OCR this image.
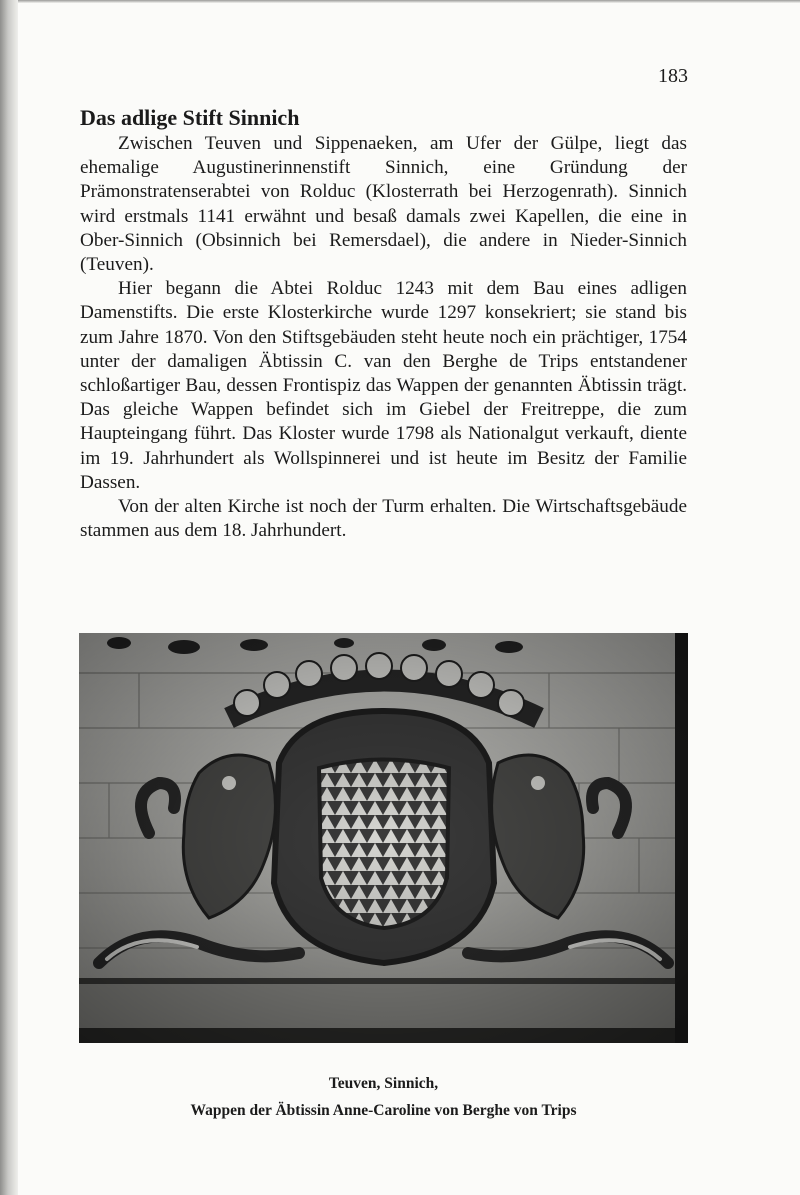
183
Das adlige Stift Sinnich

Zwischen Teuven und Sippenaeken, am Ufer der Gülpe, liegt das ehemalige Augustinerinnenstift Sinnich, eine Gründung der Prämonstratenserabtei von Rolduc (Klosterrath bei Herzogenrath). Sinnich wird erstmals 1141 erwähnt und besaß damals zwei Kapellen, die eine in Ober-Sinnich (Obsinnich bei Remersdael), die andere in Nieder-Sinnich (Teuven).

Hier begann die Abtei Rolduc 1243 mit dem Bau eines adligen Damenstifts. Die erste Klosterkirche wurde 1297 konsekriert; sie stand bis zum Jahre 1870. Von den Stiftsgebäuden steht heute noch ein prächtiger, 1754 unter der damaligen Äbtissin C. van den Berghe de Trips entstandener schloßartiger Bau, dessen Frontispiz das Wappen der genannten Äbtissin trägt. Das gleiche Wappen befindet sich im Giebel der Freitreppe, die zum Haupteingang führt. Das Kloster wurde 1798 als Nationalgut verkauft, diente im 19. Jahrhundert als Wollspinnerei und ist heute im Besitz der Familie Dassen.

Von der alten Kirche ist noch der Turm erhalten. Die Wirtschaftsgebäude stammen aus dem 18. Jahrhundert.

Teuven, Sinnich,
Wappen der Äbtissin Anne-Caroline von Berghe von Trips
